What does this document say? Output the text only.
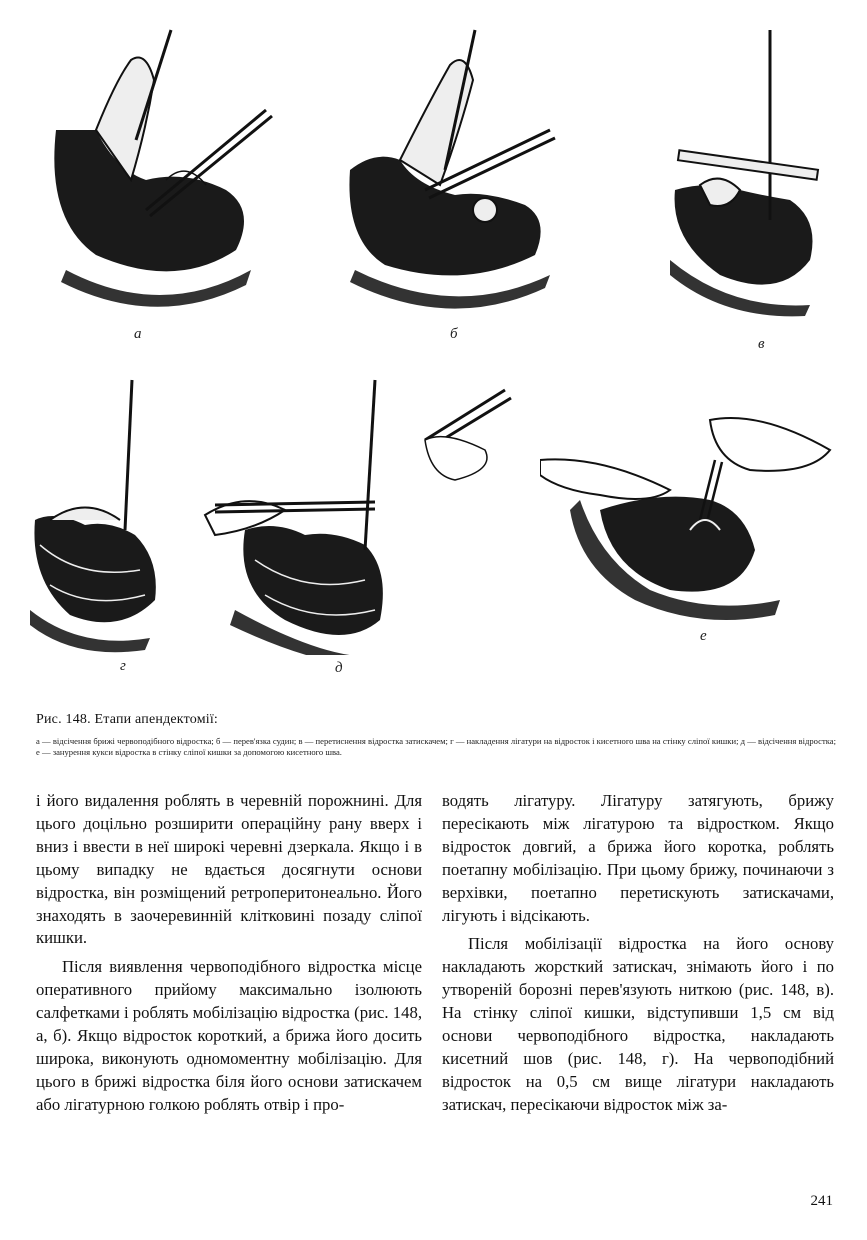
а	б
в
г	д
е
Рис. 148. Етапи апендектомії:
а — відсічення брижі червоподібного відростка; б — перев'язка судин; в — перетиснення відростка затискачем; г — накладення лігатури на відросток і кисетного шва на стінку сліпої кишки; д — відсічення відростка; е — занурення кукси відростка в стінку сліпої кишки за допомогою кисетного шва.

і його видалення роблять в черевній порожнині. Для цього доцільно розширити операційну рану вверх і вниз і ввести в неї широкі черевні дзеркала. Якщо і в цьому випадку не вдається досягнути основи відростка, він розміщений ретроперитонеально. Його знаходять в заочеревинній клітковині позаду сліпої кишки.

Після виявлення червоподібного відростка місце оперативного прийому максимально ізолюють салфетками і роблять мобілізацію відростка (рис. 148, а, б). Якщо відросток короткий, а брижа його досить широка, виконують одномоментну мобілізацію. Для цього в брижі відростка біля його основи затискачем або лігатурною голкою роблять отвір і про-

водять лігатуру. Лігатуру затягують, брижу пересікають між лігатурою та відростком. Якщо відросток довгий, а брижа його коротка, роблять поетапну мобілізацію. При цьому брижу, починаючи з верхівки, поетапно перетискують затискачами, лігують і відсікають.

Після мобілізації відростка на його основу накладають жорсткий затискач, знімають його і по утвореній борозні перев'язують ниткою (рис. 148, в). На стінку сліпої кишки, відступивши 1,5 см від основи червоподібного відростка, накладають кисетний шов (рис. 148, г). На червоподібний відросток на 0,5 см вище лігатури накладають затискач, пересікаючи відросток між за-

241
